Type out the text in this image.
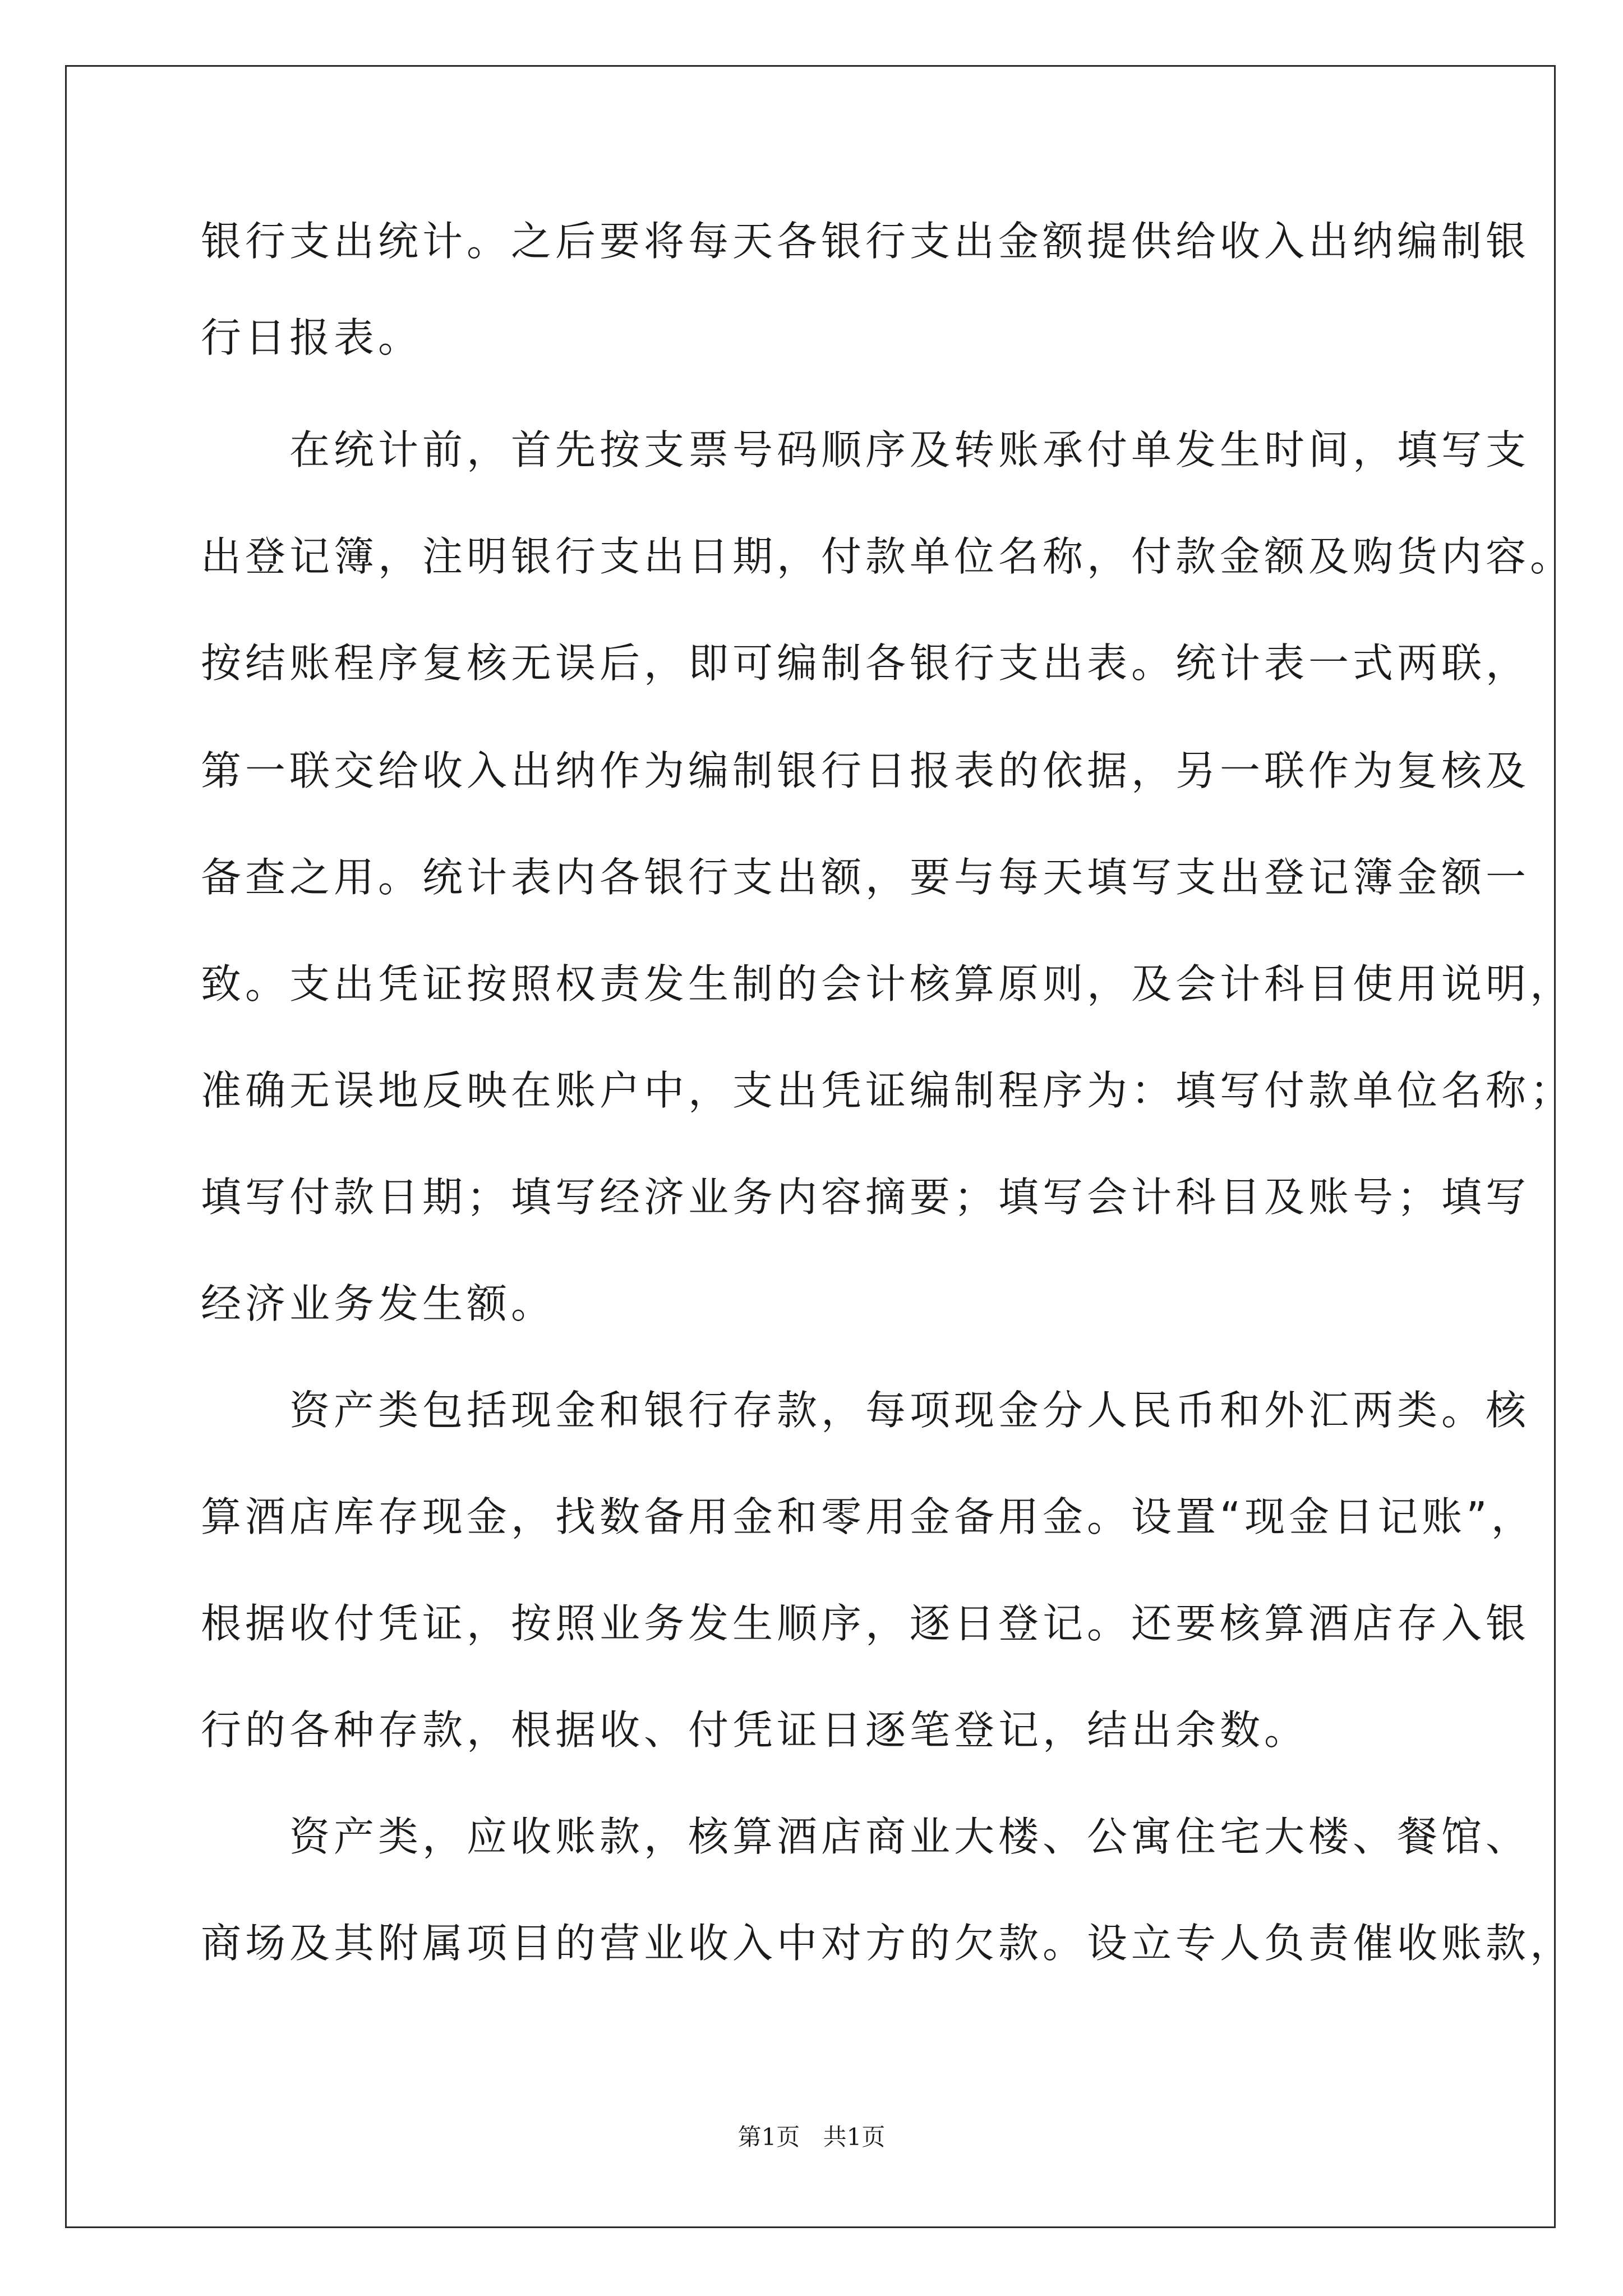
银行支出统计。之后要将每天各银行支出金额提供给收入出纳编制银
行日报表。
　　在统计前，首先按支票号码顺序及转账承付单发生时间，填写支
出登记簿，注明银行支出日期，付款单位名称，付款金额及购货内容。
按结账程序复核无误后，即可编制各银行支出表。统计表一式两联，
第一联交给收入出纳作为编制银行日报表的依据，另一联作为复核及
备查之用。统计表内各银行支出额，要与每天填写支出登记簿金额一
致。支出凭证按照权责发生制的会计核算原则，及会计科目使用说明，
准确无误地反映在账户中，支出凭证编制程序为：填写付款单位名称；
填写付款日期；填写经济业务内容摘要；填写会计科目及账号；填写
经济业务发生额。
　　资产类包括现金和银行存款，每项现金分人民币和外汇两类。核
算酒店库存现金，找数备用金和零用金备用金。设置“现金日记账”，
根据收付凭证，按照业务发生顺序，逐日登记。还要核算酒店存入银
行的各种存款，根据收、付凭证日逐笔登记，结出余数。
　　资产类，应收账款，核算酒店商业大楼、公寓住宅大楼、餐馆、
商场及其附属项目的营业收入中对方的欠款。设立专人负责催收账款，
第1页 共1页
